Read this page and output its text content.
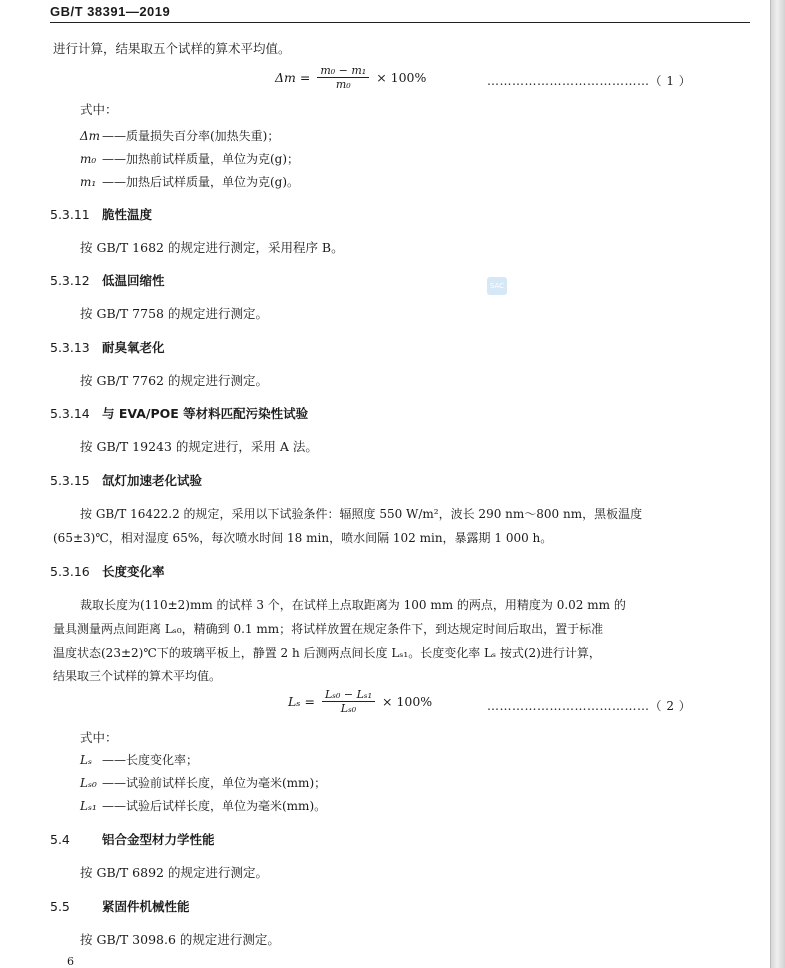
GB/T 38391—2019
进行计算，结果取五个试样的算术平均值。
$\Delta m = \frac{\text{m₀ − m₁}}{\text{m₀}} \times 100\%$	…………………………………（ 1 ）
式中：
Δm ——质量损失百分率(加热失重)；
m₀ ——加热前试样质量，单位为克(g)；
m₁ ——加热后试样质量，单位为克(g)。
5.3.11 脆性温度
按 GB/T 1682 的规定进行测定，采用程序 B。
5.3.12 低温回缩性
按 GB/T 7758 的规定进行测定。
SAC
5.3.13 耐臭氧老化
按 GB/T 7762 的规定进行测定。
5.3.14 与 EVA/POE 等材料匹配污染性试验
按 GB/T 19243 的规定进行，采用 A 法。
5.3.15 氙灯加速老化试验
按 GB/T 16422.2 的规定，采用以下试验条件：辐照度 550 W/m²，波长 290 nm～800 nm，黑板温度
(65±3)℃，相对湿度 65%，每次喷水时间 18 min，喷水间隔 102 min，暴露期 1 000 h。
5.3.16 长度变化率
裁取长度为(110±2)mm 的试样 3 个，在试样上点取距离为 100 mm 的两点，用精度为 0.02 mm 的
量具测量两点间距离 Lₛ₀，精确到 0.1 mm；将试样放置在规定条件下，到达规定时间后取出，置于标准
温度状态(23±2)℃下的玻璃平板上，静置 2 h 后测两点间长度 Lₛ₁。长度变化率 Lₛ 按式(2)进行计算，
结果取三个试样的算术平均值。
$L_s = \frac{\text{Lₛ₀ − Lₛ₁}}{\text{Lₛ₀}} \times 100\%$	…………………………………（ 2 ）
式中：
Lₛ ——长度变化率；
Lₛ₀ ——试验前试样长度，单位为毫米(mm)；
Lₛ₁ ——试验后试样长度，单位为毫米(mm)。
5.4	铝合金型材力学性能
按 GB/T 6892 的规定进行测定。
5.5	紧固件机械性能
按 GB/T 3098.6 的规定进行测定。
6
